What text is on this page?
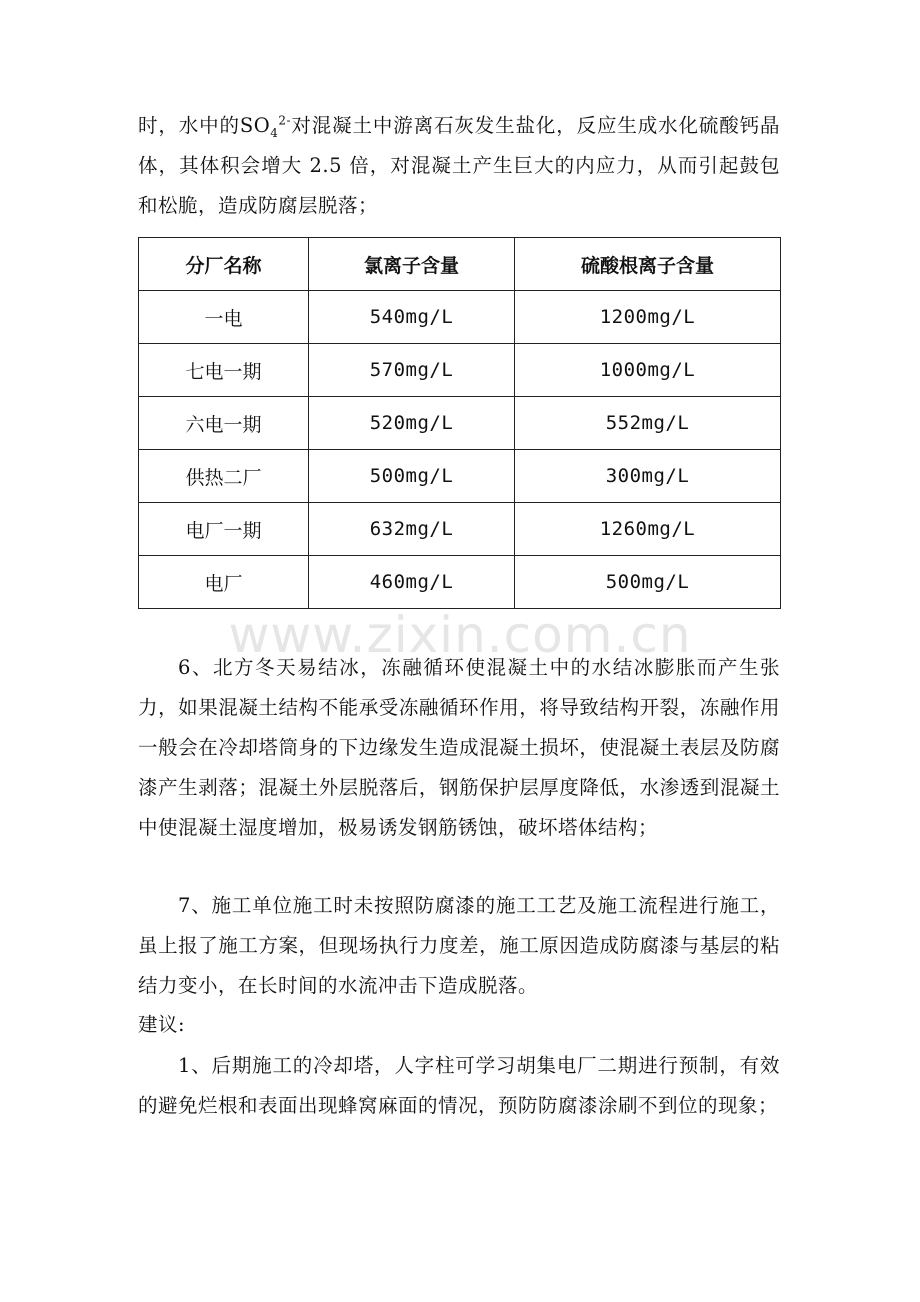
时，水中的$SO_4^{2-}$对混凝土中游离石灰发生盐化，反应生成水化硫酸钙晶体，其体积会增大 2.5 倍，对混凝土产生巨大的内应力，从而引起鼓包和松脆，造成防腐层脱落；

分厂名称	氯离子含量	硫酸根离子含量
一电	540mg/L	1200mg/L
七电一期	570mg/L	1000mg/L
六电一期	520mg/L	552mg/L
供热二厂	500mg/L	300mg/L
电厂一期	632mg/L	1260mg/L
电厂	460mg/L	500mg/L
www.zixin.com.cn

6、北方冬天易结冰，冻融循环使混凝土中的水结冰膨胀而产生张力，如果混凝土结构不能承受冻融循环作用，将导致结构开裂，冻融作用一般会在冷却塔筒身的下边缘发生造成混凝土损坏，使混凝土表层及防腐漆产生剥落；混凝土外层脱落后，钢筋保护层厚度降低，水渗透到混凝土中使混凝土湿度增加，极易诱发钢筋锈蚀，破坏塔体结构；

7、施工单位施工时未按照防腐漆的施工工艺及施工流程进行施工，虽上报了施工方案，但现场执行力度差，施工原因造成防腐漆与基层的粘结力变小，在长时间的水流冲击下造成脱落。

建议:

1、后期施工的冷却塔，人字柱可学习胡集电厂二期进行预制，有效的避免烂根和表面出现蜂窝麻面的情况，预防防腐漆涂刷不到位的现象；
